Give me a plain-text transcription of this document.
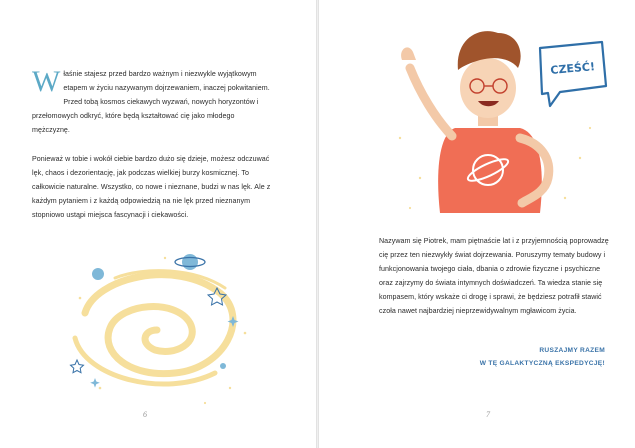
Właśnie stajesz przed bardzo ważnym i niezwykle wyjątkowym etapem w życiu nazywanym dojrzewaniem, inaczej pokwitaniem. Przed tobą kosmos ciekawych wyzwań, nowych horyzontów i przełomowych odkryć, które będą kształtować cię jako młodego mężczyznę.
Ponieważ w tobie i wokół ciebie bardzo dużo się dzieje, możesz odczuwać lęk, chaos i dezorientację, jak podczas wielkiej burzy kosmicznej. To całkowicie naturalne. Wszystko, co nowe i nieznane, budzi w nas lęk. Ale z każdym pytaniem i z każdą odpowiedzią na nie lęk przed nieznanym stopniowo ustąpi miejsca fascynacji i ciekawości.
6
CZEŚĆ!
Nazywam się Piotrek, mam piętnaście lat i z przyjemnością poprowadzę cię przez ten niezwykły świat dojrzewania. Poruszymy tematy budowy i funkcjonowania twojego ciała, dbania o zdrowie fizyczne i psychiczne oraz zajrzymy do świata intymnych doświadczeń. Ta wiedza stanie się kompasem, który wskaże ci drogę i sprawi, że będziesz potrafił stawić czoła nawet najbardziej nieprzewidywalnym mgławicom życia.
RUSZAJMY RAZEM
W TĘ GALAKTYCZNĄ EKSPEDYCJĘ!
7
